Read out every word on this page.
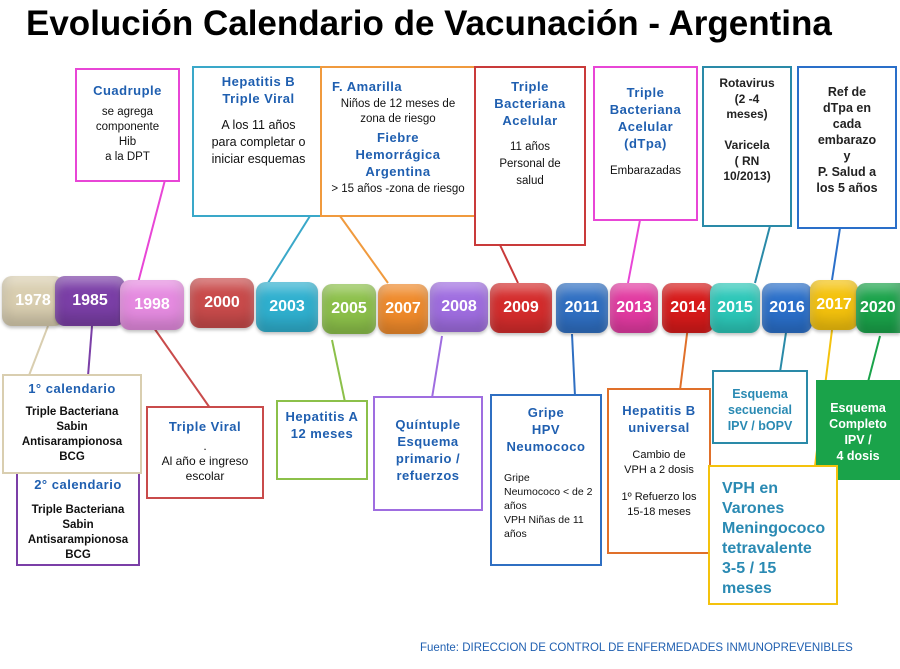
Evolución Calendario de Vacunación - Argentina
1978 1985 1998 2000 2003 2005 2007 2008 2009 2011 2013 2014 2015 2016 2017 2020
Cuadruple
se agrega
componente
Hib
a la DPT
Hepatitis B
Triple Viral
A los 11 años
para completar o
iniciar esquemas
F. Amarilla
Niños de 12 meses de
zona de riesgo
Fiebre
Hemorrágica
Argentina
> 15 años -zona de riesgo
Triple
Bacteriana
Acelular
11 años
Personal de
salud
Triple
Bacteriana
Acelular
(dTpa)
Embarazadas
Rotavirus
(2 -4
meses)

Varicela
( RN
10/2013)
Ref de
dTpa en
cada
embarazo
y
P. Salud a
los 5 años
2° calendario
Triple Bacteriana
Sabin
Antisarampionosa
BCG
1° calendario
Triple Bacteriana
Sabin
Antisarampionosa
BCG
Triple Viral
.
Al año e ingreso
escolar
Hepatitis A
12 meses
Quíntuple
Esquema
primario /
refuerzos
Gripe
HPV
Neumococo
Gripe
Neumococo < de 2
años
VPH Niñas de 11
años
Hepatitis B
universal
Cambio de
VPH a 2 dosis
1º Refuerzo los
15-18 meses
Esquema
secuencial
IPV / bOPV
Esquema
Completo
IPV /
4 dosis
VPH en
Varones
Meningococo
tetravalente
3-5 / 15
meses
Fuente: DIRECCION DE CONTROL DE ENFERMEDADES INMUNOPREVENIBLES
